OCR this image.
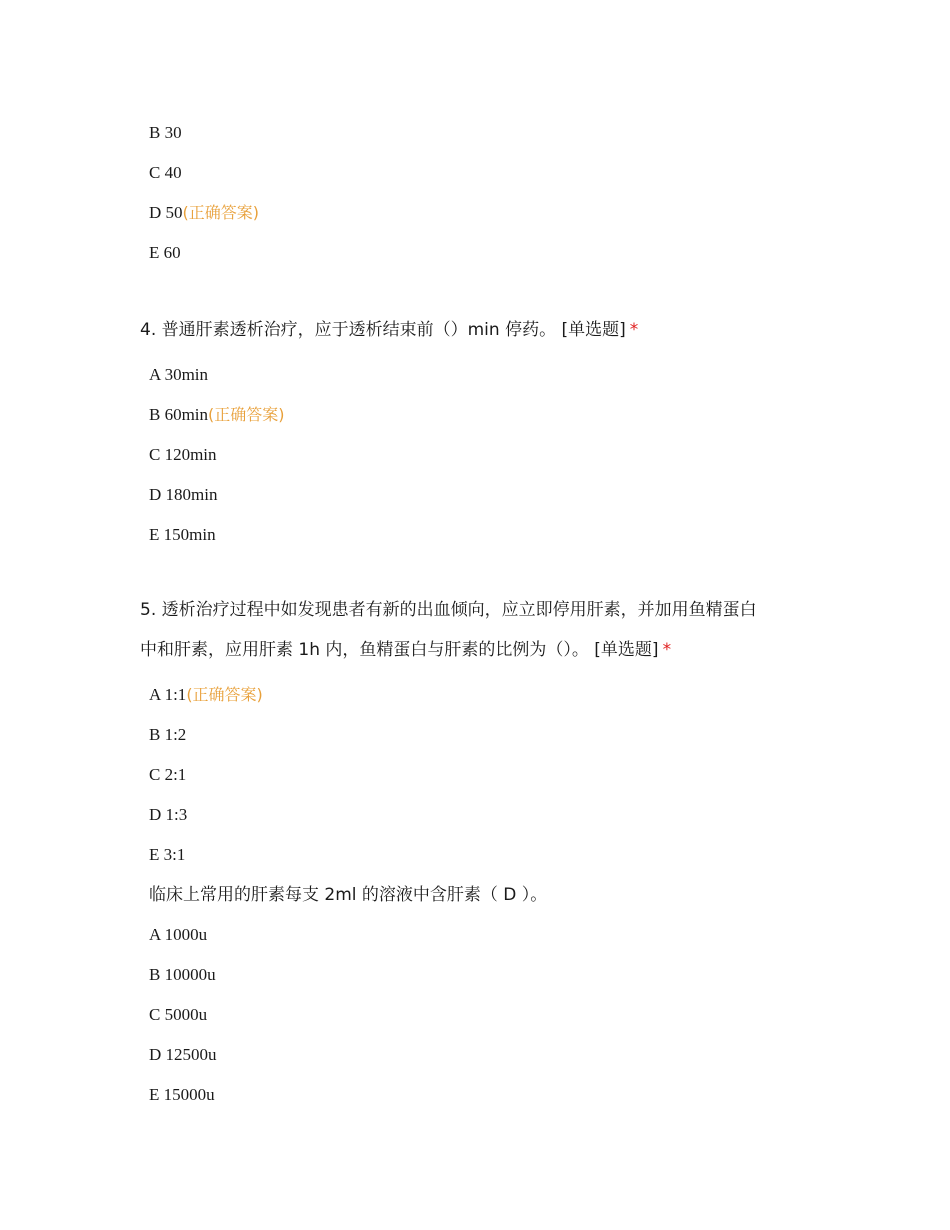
B 30
C 40
D 50(正确答案)
E 60
4. 普通肝素透析治疗，应于透析结束前（）min 停药。 [单选题] *
A 30min
B 60min(正确答案)
C 120min
D 180min
E 150min
5. 透析治疗过程中如发现患者有新的出血倾向，应立即停用肝素，并加用鱼精蛋白
中和肝素，应用肝素 1h 内，鱼精蛋白与肝素的比例为（）。 [单选题] *
A 1:1(正确答案)
B 1:2
C 2:1
D 1:3
E 3:1
临床上常用的肝素每支 2ml 的溶液中含肝素（ D ）。
A 1000u
B 10000u
C 5000u
D 12500u
E 15000u
